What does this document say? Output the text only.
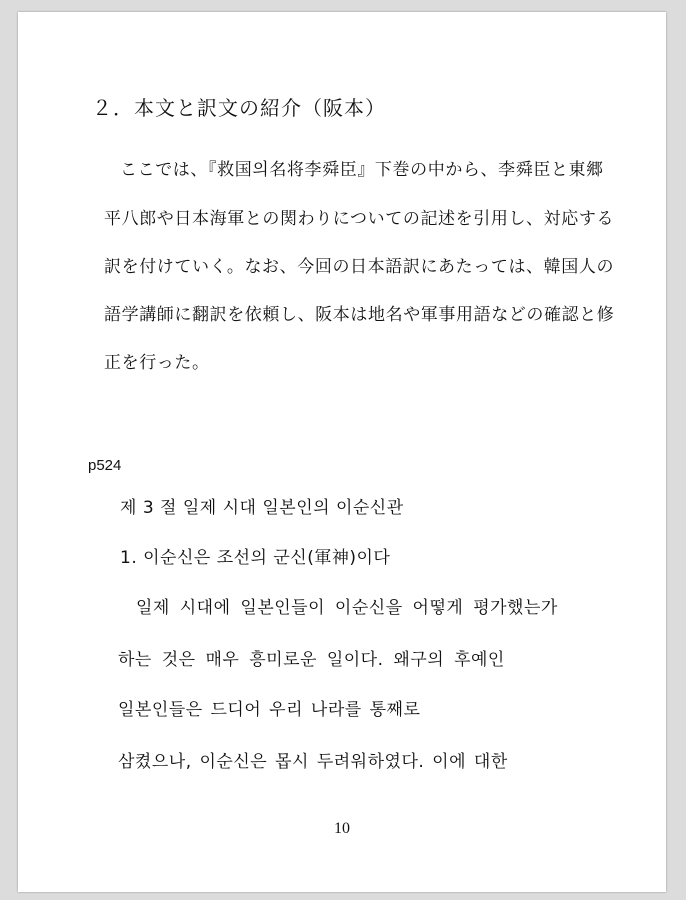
２．本文と訳文の紹介（阪本）
ここでは、『救国의名将李舜臣』下巻の中から、李舜臣と東郷
平八郎や日本海軍との関わりについての記述を引用し、対応する
訳を付けていく。なお、今回の日本語訳にあたっては、韓国人の
語学講師に翻訳を依頼し、阪本は地名や軍事用語などの確認と修
正を行った。
p524
제 3 절 일제 시대 일본인의 이순신관
1. 이순신은 조선의 군신(軍神)이다
일제 시대에 일본인들이 이순신을 어떻게 평가했는가
하는 것은 매우 흥미로운 일이다. 왜구의 후예인
일본인들은 드디어 우리 나라를 통째로
삼켰으나, 이순신은 몹시 두려워하였다. 이에 대한
10
